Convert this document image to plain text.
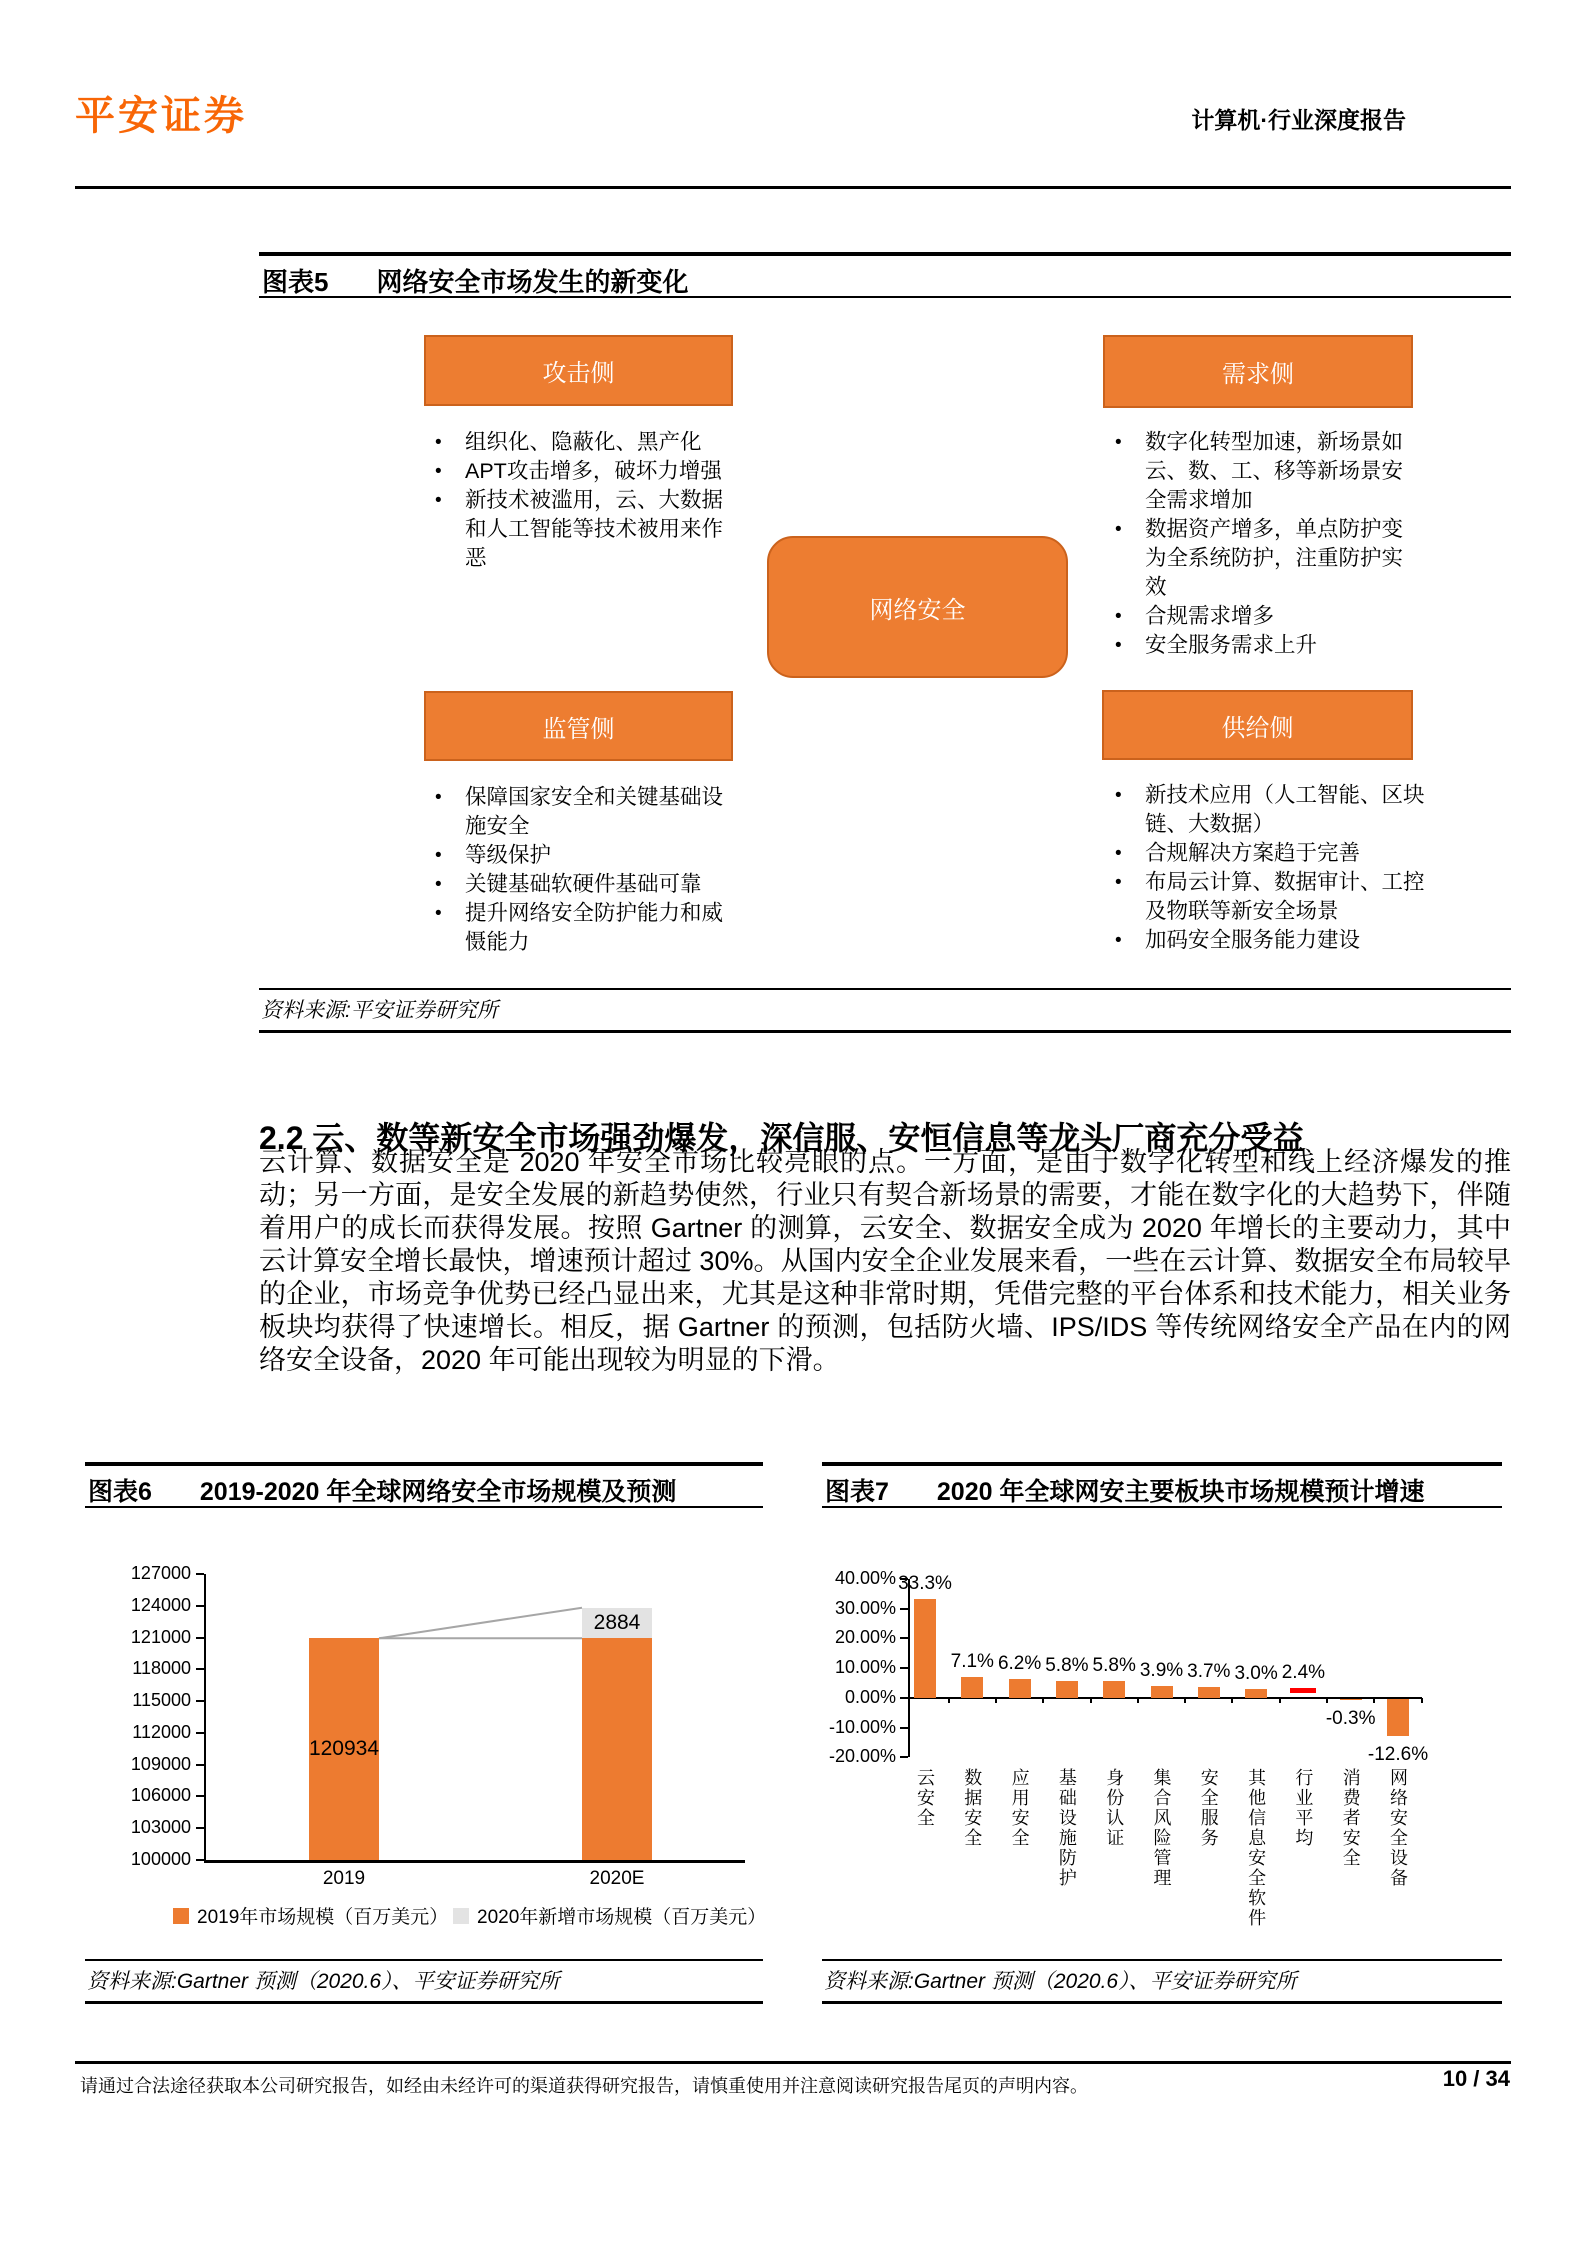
平安证券	计算机·行业深度报告
图表5 网络安全市场发生的新变化
攻击侧	需求侧
监管侧	供给侧
网络安全
•	组织化、隐蔽化、黑产化
•	APT攻击增多，破坏力增强
•	新技术被滥用，云、大数据和人工智能等技术被用来作恶
•	数字化转型加速，新场景如云、数、工、移等新场景安全需求增加
•	数据资产增多，单点防护变为全系统防护，注重防护实效
•	合规需求增多
•	安全服务需求上升
•	保障国家安全和关键基础设施安全
•	等级保护
•	关键基础软硬件基础可靠
•	提升网络安全防护能力和威慑能力
•	新技术应用（人工智能、区块链、大数据）
•	合规解决方案趋于完善
•	布局云计算、数据审计、工控及物联等新安全场景
•	加码安全服务能力建设
资料来源:平安证券研究所
2.2 云、数等新安全市场强劲爆发，深信服、安恒信息等龙头厂商充分受益

云计算、数据安全是 2020 年安全市场比较亮眼的点。一方面，是由于数字化转型和线上经济爆发的推动；另一方面，是安全发展的新趋势使然，行业只有契合新场景的需要，才能在数字化的大趋势下，伴随着用户的成长而获得发展。按照 Gartner 的测算，云安全、数据安全成为 2020 年增长的主要动力，其中云计算安全增长最快，增速预计超过 30%。从国内安全企业发展来看，一些在云计算、数据安全布局较早的企业，市场竞争优势已经凸显出来，尤其是这种非常时期，凭借完整的平台体系和技术能力，相关业务板块均获得了快速增长。相反，据 Gartner 的预测，包括防火墙、IPS/IDS 等传统网络安全产品在内的网络安全设备，2020 年可能出现较为明显的下滑。

图表6 2019-2020 年全球网络安全市场规模及预测
127000
124000
121000
118000
115000
112000
109000
106000
103000
100000
120934
2884
2019	2020E
2019年市场规模（百万美元） 2020年新增市场规模（百万美元）
资料来源:Gartner 预测（2020.6）、平安证券研究所
图表7 2020 年全球网安主要板块市场规模预计增速
40.00%
30.00%
20.00%
10.00%
0.00%
-10.00%
-20.00%
33.3%
云安全
7.1%
数据安全
6.2%
应用安全
5.8%
基础设施防护
5.8%
身份认证
3.9%
集合风险管理
3.7%
安全服务
3.0%
其他信息安全软件
2.4%
行业平均
-0.3%
消费者安全
-12.6%
网络安全设备
资料来源:Gartner 预测（2020.6）、平安证券研究所
请通过合法途径获取本公司研究报告，如经由未经许可的渠道获得研究报告，请慎重使用并注意阅读研究报告尾页的声明内容。	10 / 34
